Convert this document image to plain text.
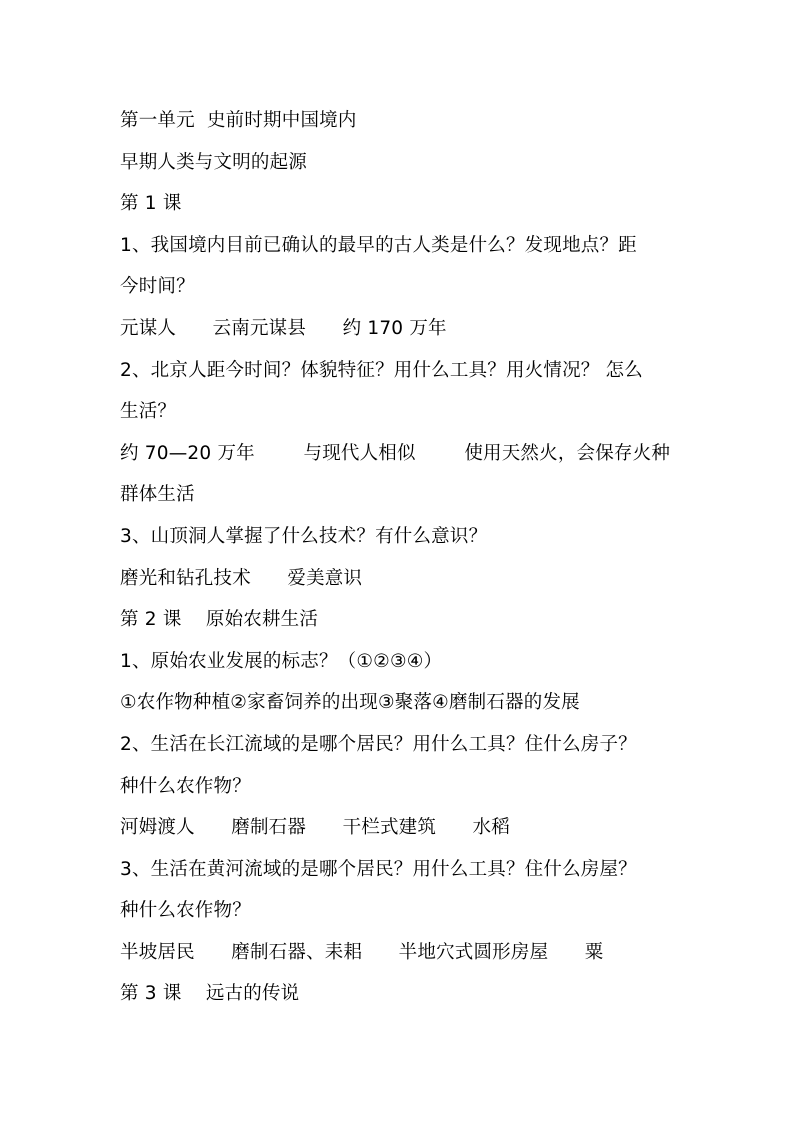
第一单元  史前时期中国境内
早期人类与文明的起源
第 1 课
1、我国境内目前已确认的最早的古人类是什么？发现地点？距
今时间？
元谋人      云南元谋县      约 170 万年
2、北京人距今时间？体貌特征？用什么工具？用火情况？ 怎么
生活？
约 70—20 万年        与现代人相似        使用天然火，会保存火种
群体生活
3、山顶洞人掌握了什么技术？有什么意识？
磨光和钻孔技术      爱美意识
第 2 课    原始农耕生活
1、原始农业发展的标志？（①②③④）
①农作物种植②家畜饲养的出现③聚落④磨制石器的发展
2、生活在长江流域的是哪个居民？用什么工具？住什么房子？
种什么农作物？
河姆渡人      磨制石器      干栏式建筑      水稻
3、生活在黄河流域的是哪个居民？用什么工具？住什么房屋？
种什么农作物？
半坡居民      磨制石器、耒耜      半地穴式圆形房屋      粟
第 3 课    远古的传说
